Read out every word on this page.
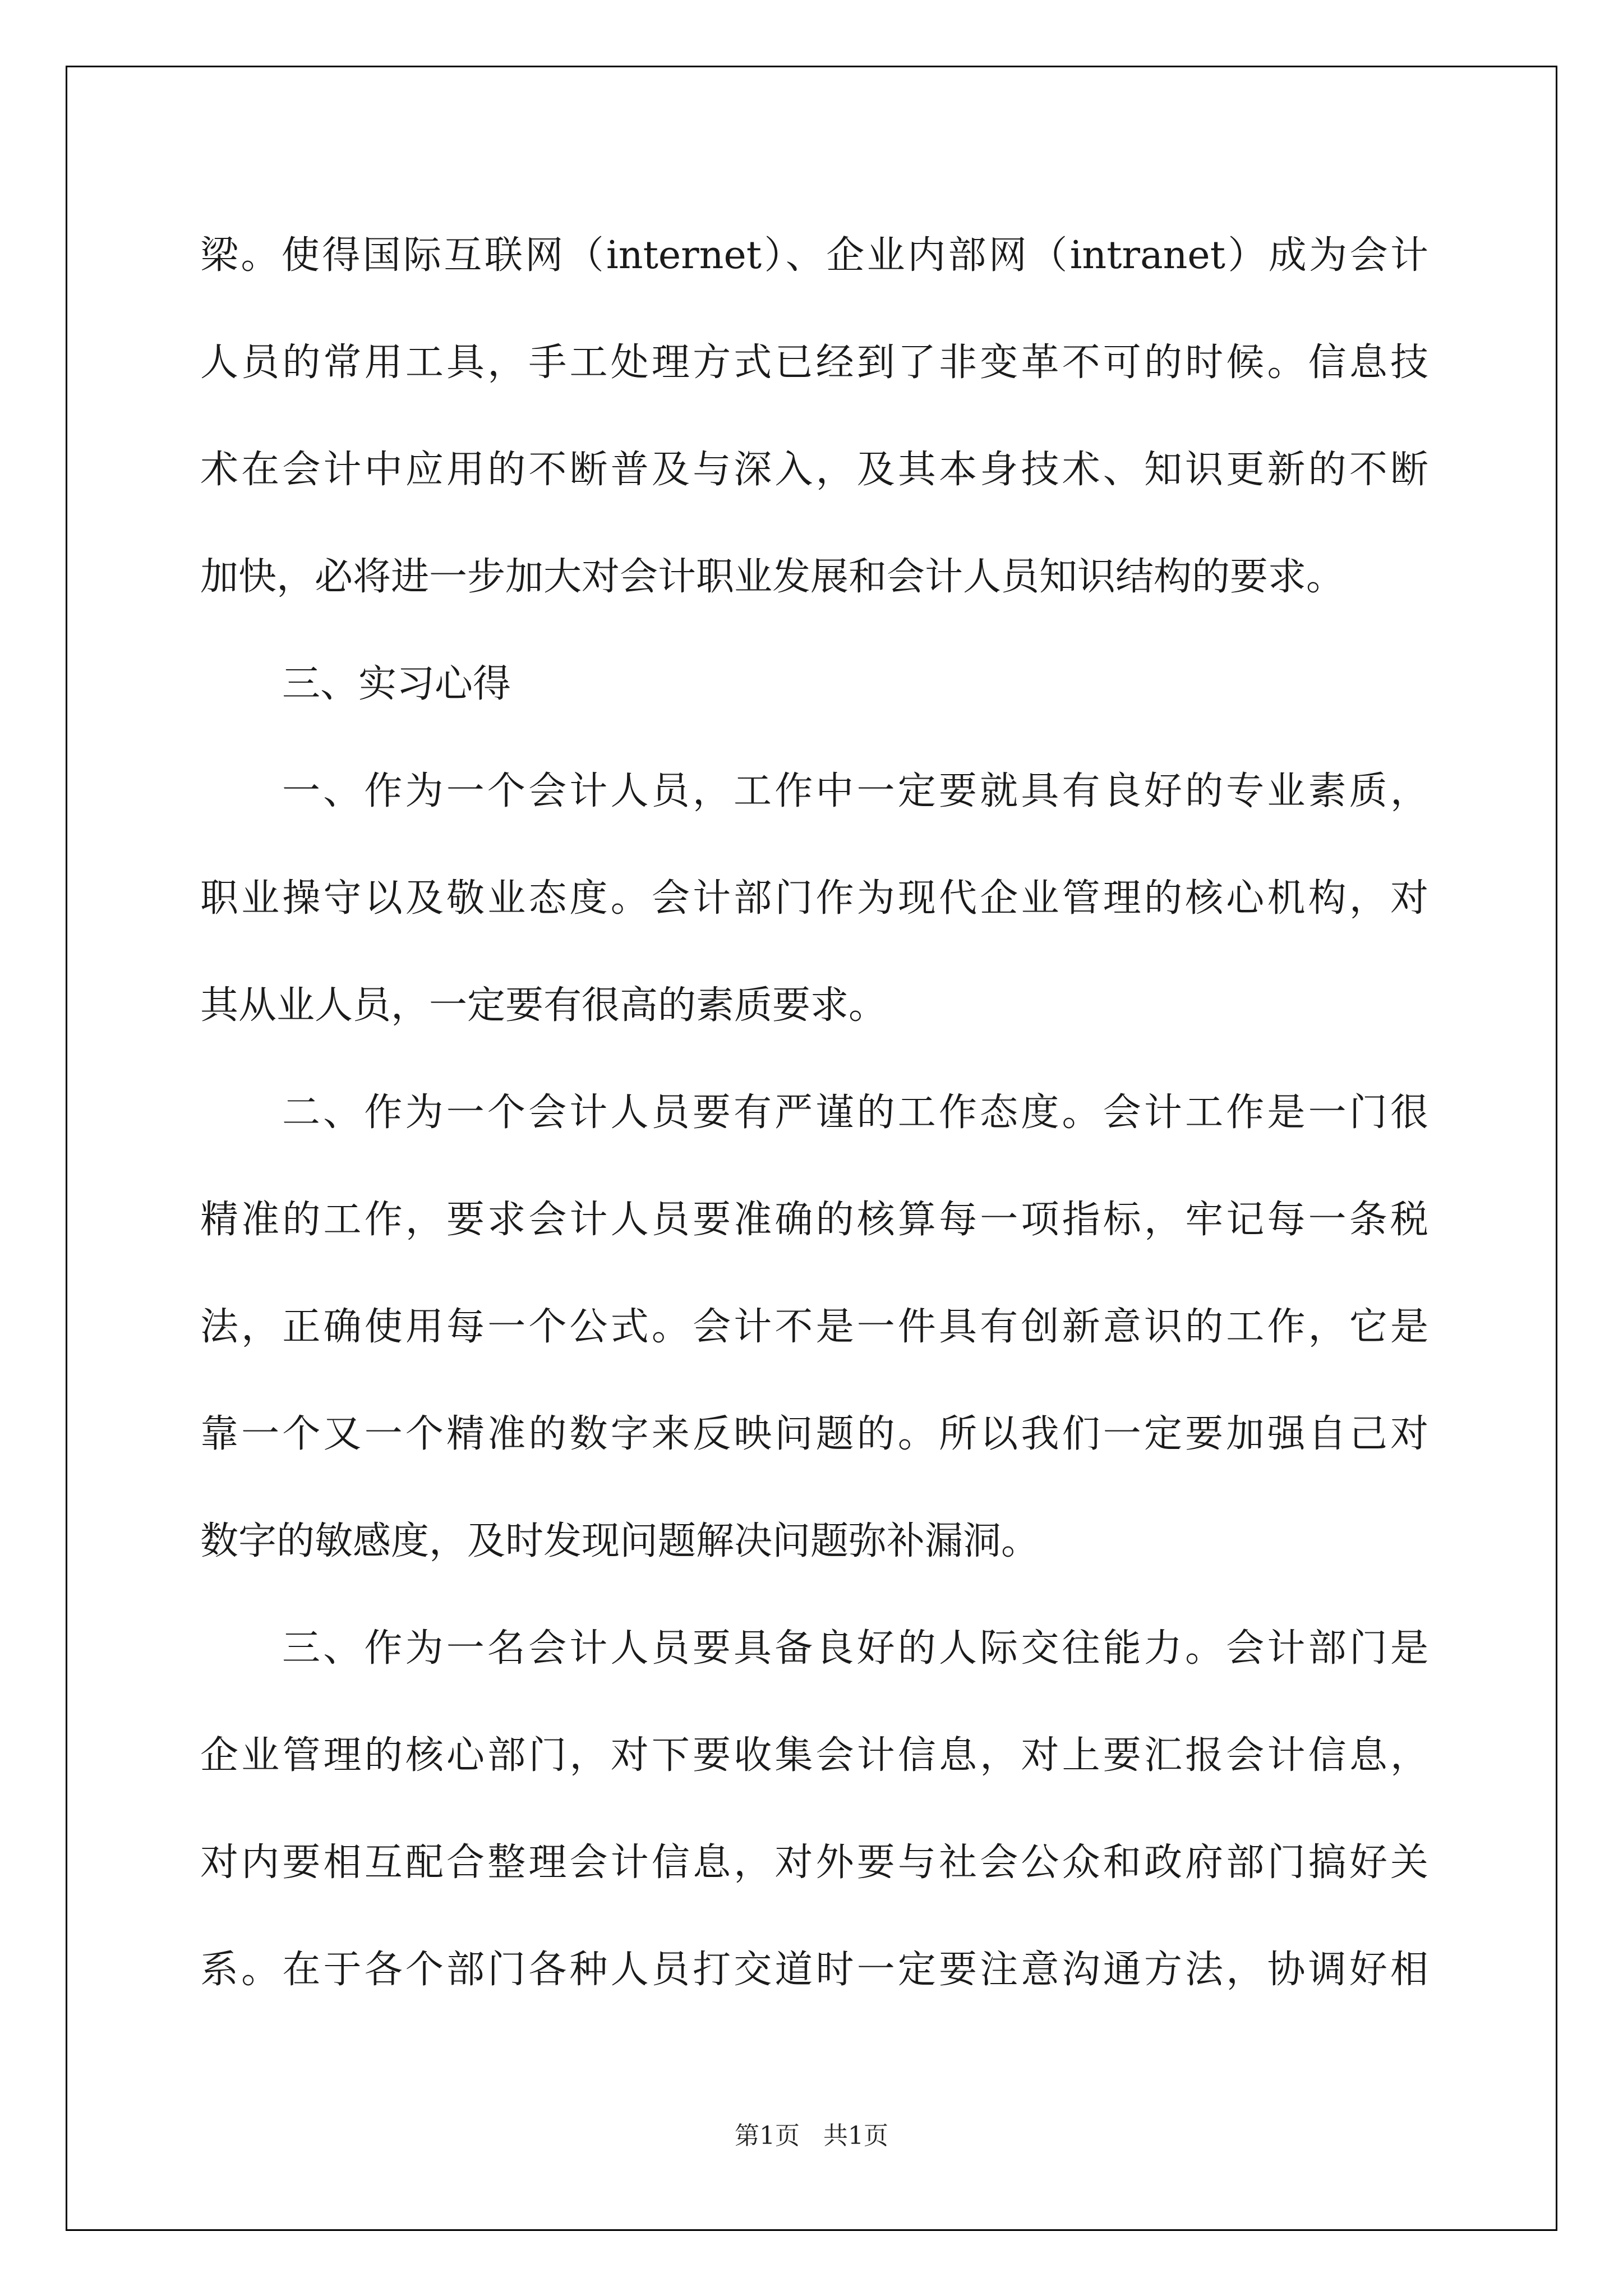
梁。使得国际互联网（internet）、企业内部网（intranet）成为会计
人员的常用工具，手工处理方式已经到了非变革不可的时候。信息技
术在会计中应用的不断普及与深入，及其本身技术、知识更新的不断
加快，必将进一步加大对会计职业发展和会计人员知识结构的要求。
三、实习心得
一、作为一个会计人员，工作中一定要就具有良好的专业素质，
职业操守以及敬业态度。会计部门作为现代企业管理的核心机构，对
其从业人员，一定要有很高的素质要求。
二、作为一个会计人员要有严谨的工作态度。会计工作是一门很
精准的工作，要求会计人员要准确的核算每一项指标，牢记每一条税
法，正确使用每一个公式。会计不是一件具有创新意识的工作，它是
靠一个又一个精准的数字来反映问题的。所以我们一定要加强自己对
数字的敏感度，及时发现问题解决问题弥补漏洞。
三、作为一名会计人员要具备良好的人际交往能力。会计部门是
企业管理的核心部门，对下要收集会计信息，对上要汇报会计信息，
对内要相互配合整理会计信息，对外要与社会公众和政府部门搞好关
系。在于各个部门各种人员打交道时一定要注意沟通方法，协调好相
第1页 共1页
